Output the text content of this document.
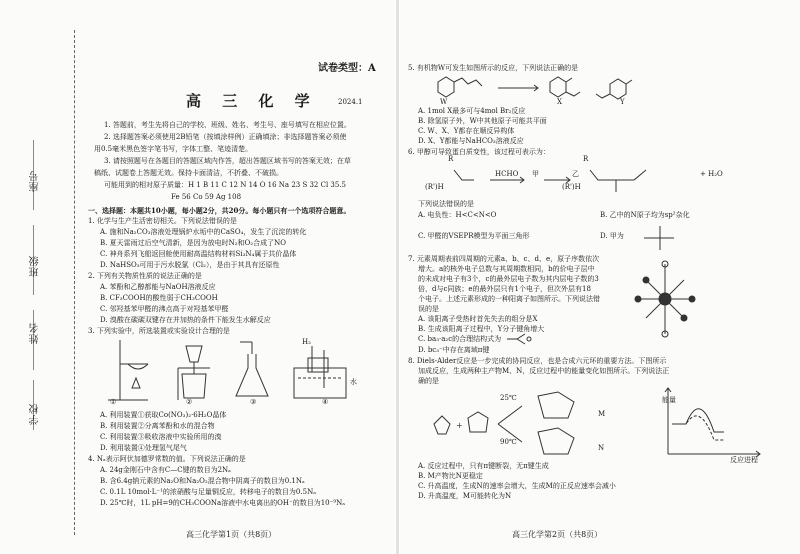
座号
班级
姓名
学校
试卷类型：A
高 三 化 学	2024.1
1. 答题前，考生先将自己的学校、班级、姓名、考生号、座号填写在相应位置。
2. 选择题答案必须使用2B铅笔（按填涂样例）正确填涂；非选择题答案必须使
用0.5毫米黑色签字笔书写，字体工整、笔迹清楚。
3. 请按照题号在各题目的答题区域内作答，超出答题区域书写的答案无效；在草
稿纸、试题卷上答题无效。保持卡面清洁，不折叠、不破损。
可能用到的相对原子质量：H 1 B 11 C 12 N 14 O 16 Na 23 S 32 Cl 35.5
Fe 56 Co 59 Ag 108
一、选择题：本题共10小题，每小题2分，共20分。每小题只有一个选项符合题意。
1. 化学与生产生活密切相关。下列说法错误的是
A. 施和Na₂CO₃溶液处理锅炉水垢中的CaSO₄，发生了沉淀的转化
B. 夏天雷雨过后空气清新，是因为放电时N₂和O₂合成了NO
C. 神舟系列飞船返回舱使用耐高温结构材料Si₃N₄属于共价晶体
D. NaHSO₃可用于污水脱氯（Cl₂），是由于其具有还原性
2. 下列有关物质性质的说法正确的是
A. 苯酚和乙醇都能与NaOH溶液反应
B. CF₃COOH的酸性弱于CH₃COOH
C. 邻羟基苯甲醛的沸点高于对羟基苯甲醛
D. 溴酸在碳碳双键存在并加热的条件下能发生水解反应
3. 下列实验中，所选装置或实验设计合理的是
①	②	③	④
H₂
水
A. 利用装置①获取Co(NO₃)₂·6H₂O晶体
B. 利用装置②分离苯酚和水的混合物
C. 利用装置③吸收溶液中实验所用的溴
D. 利用装置④处理氢气尾气
4. Nₐ表示阿伏加德罗常数的值。下列说法正确的是
A. 24g金刚石中含有C—C键的数目为2Nₐ
B. 含6.4g钠元素的Na₂O和Na₂O₂混合物中阴离子的数目为0.1Nₐ
C. 0.1L 10mol·L⁻¹的浓硝酸与足量铜反应，转移电子的数目为0.5Nₐ
D. 25℃时，1L pH=9的CH₃COONa溶液中水电离出的OH⁻的数目为10⁻⁹Nₐ
高三化学第1页（共8页）
5. 有机物W可发生如图所示的反应，下列说法正确的是
W	X	Y
A. 1mol X最多可与4mol Br₂反应
B. 除氢原子外，W中其他原子可能共平面
C. W、X、Y都存在顺反异构体
D. X、Y都能与NaHCO₃溶液反应
6. 甲醇可导致蛋白质变性，该过程可表示为：
R
(R')H
HCHO 甲	乙
R
(R')H
+ H₂O
下列说法错误的是
A. 电负性：H<C<N<O	B. 乙中的N原子均为sp²杂化
C. 甲醛的VSEPR模型为平面三角形	D. 甲为
7. 元素周期表前四周期的元素a、b、c、d、e，原子序数依次
增大。a的核外电子总数与其周期数相同，b的价电子层中
的未成对电子有3个，c的最外层电子数为其内层电子数的3
倍，d与c同族；e的最外层只有1个电子，但次外层有18
个电子。上述元素形成的一种阳离子如图所示。下列说法错
误的是
A. 该阳离子受热时首先失去的组分是X
B. 生成该阳离子过程中，Y分子键角增大
C. ba₃·a₂c的合理结构式为
D. bc₃⁻中存在离域π键
8. Diels-Alder反应是一步完成的协同反应，也是合成六元环的重要方法。下图所示
加成反应，生成两种主产物M、N，反应过程中的能量变化如图所示。下列说法正
确的是
+
25℃
90℃
M
N
能量
反应进程
A. 反应过程中，只有π键断裂，无π键生成
B. M产物比N更稳定
C. 升高温度，生成N的速率会增大，生成M的正反应速率会减小
D. 升高温度，M可能转化为N
高三化学第2页（共8页）
